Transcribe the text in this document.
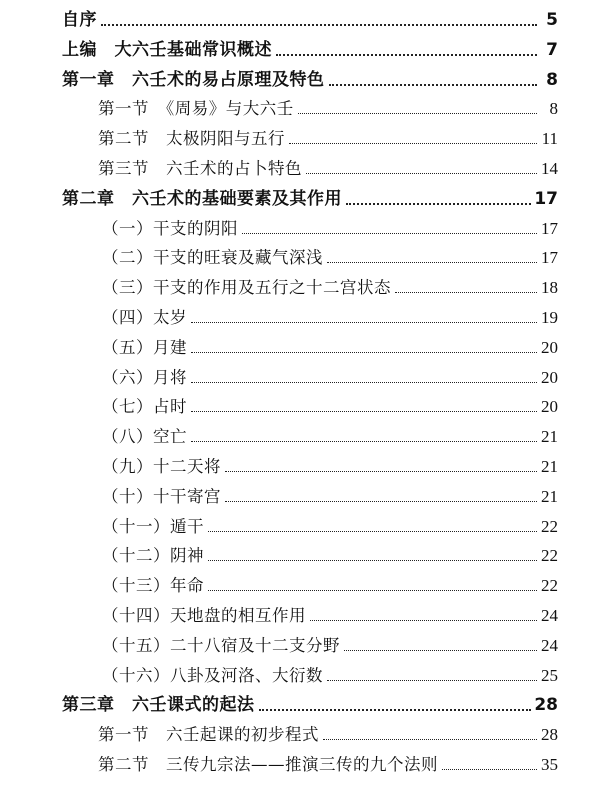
自序	5
上编　大六壬基础常识概述	7
第一章　六壬术的易占原理及特色	8
第一节　《周易》与大六壬	8
第二节　太极阴阳与五行	11
第三节　六壬术的占卜特色	14
第二章　六壬术的基础要素及其作用	17
（一）干支的阴阳	17
（二）干支的旺衰及藏气深浅	17
（三）干支的作用及五行之十二宫状态	18
（四）太岁	19
（五）月建	20
（六）月将	20
（七）占时	20
（八）空亡	21
（九）十二天将	21
（十）十干寄宫	21
（十一）遁干	22
（十二）阴神	22
（十三）年命	22
（十四）天地盘的相互作用	24
（十五）二十八宿及十二支分野	24
（十六）八卦及河洛、大衍数	25
第三章　六壬课式的起法	28
第一节　六壬起课的初步程式	28
第二节　三传九宗法——推演三传的九个法则	35
